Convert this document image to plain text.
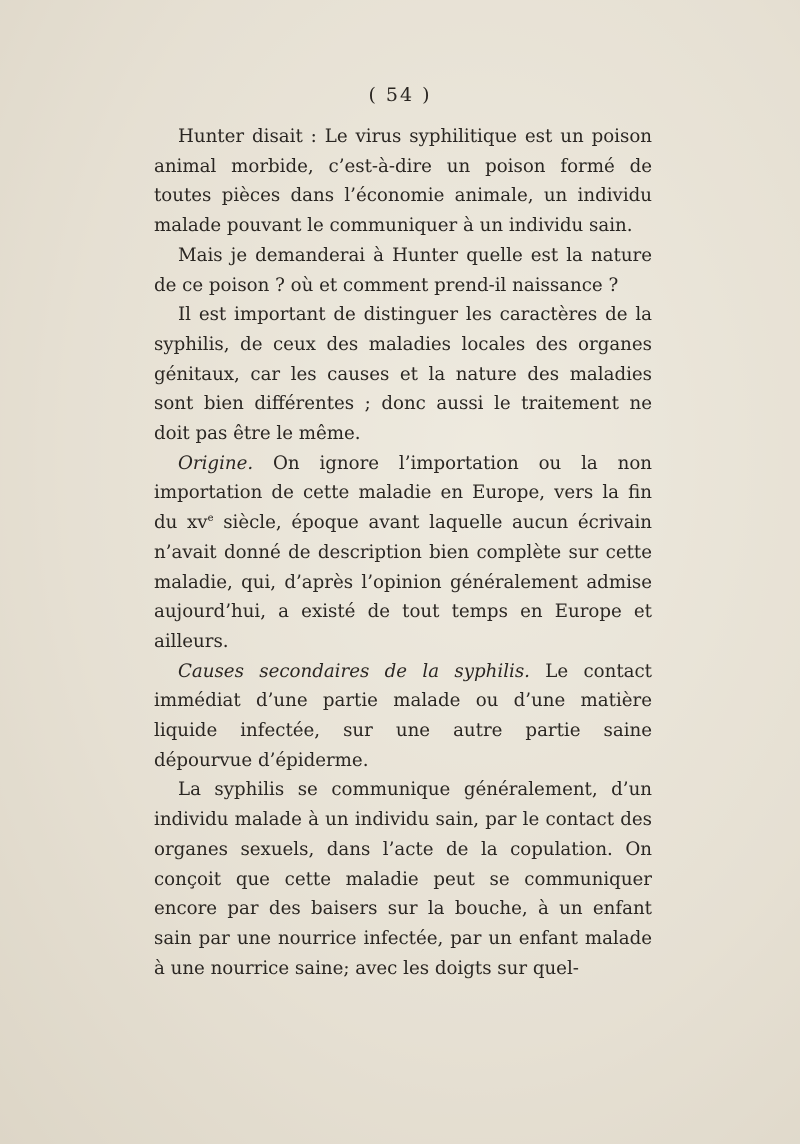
( 54 )

Hunter disait : Le virus syphilitique est un poison animal morbide, c’est-à-dire un poison formé de toutes pièces dans l’économie animale, un individu malade pouvant le communiquer à un individu sain.

Mais je demanderai à Hunter quelle est la nature de ce poison ? où et comment prend-il naissance ?

Il est important de distinguer les caractères de la syphilis, de ceux des maladies locales des organes génitaux, car les causes et la nature des maladies sont bien différentes ; donc aussi le traitement ne doit pas être le même.

Origine. On ignore l’importation ou la non importation de cette maladie en Europe, vers la fin du $xv^e$ siècle, époque avant laquelle aucun écrivain n’avait donné de description bien complète sur cette maladie, qui, d’après l’opinion généralement admise aujourd’hui, a existé de tout temps en Europe et ailleurs.

Causes secondaires de la syphilis. Le contact immédiat d’une partie malade ou d’une matière liquide infectée, sur une autre partie saine dépourvue d’épiderme.

La syphilis se communique généralement, d’un individu malade à un individu sain, par le contact des organes sexuels, dans l’acte de la copulation. On conçoit que cette maladie peut se communiquer encore par des baisers sur la bouche, à un enfant sain par une nourrice infectée, par un enfant malade à une nourrice saine; avec les doigts sur quel-
